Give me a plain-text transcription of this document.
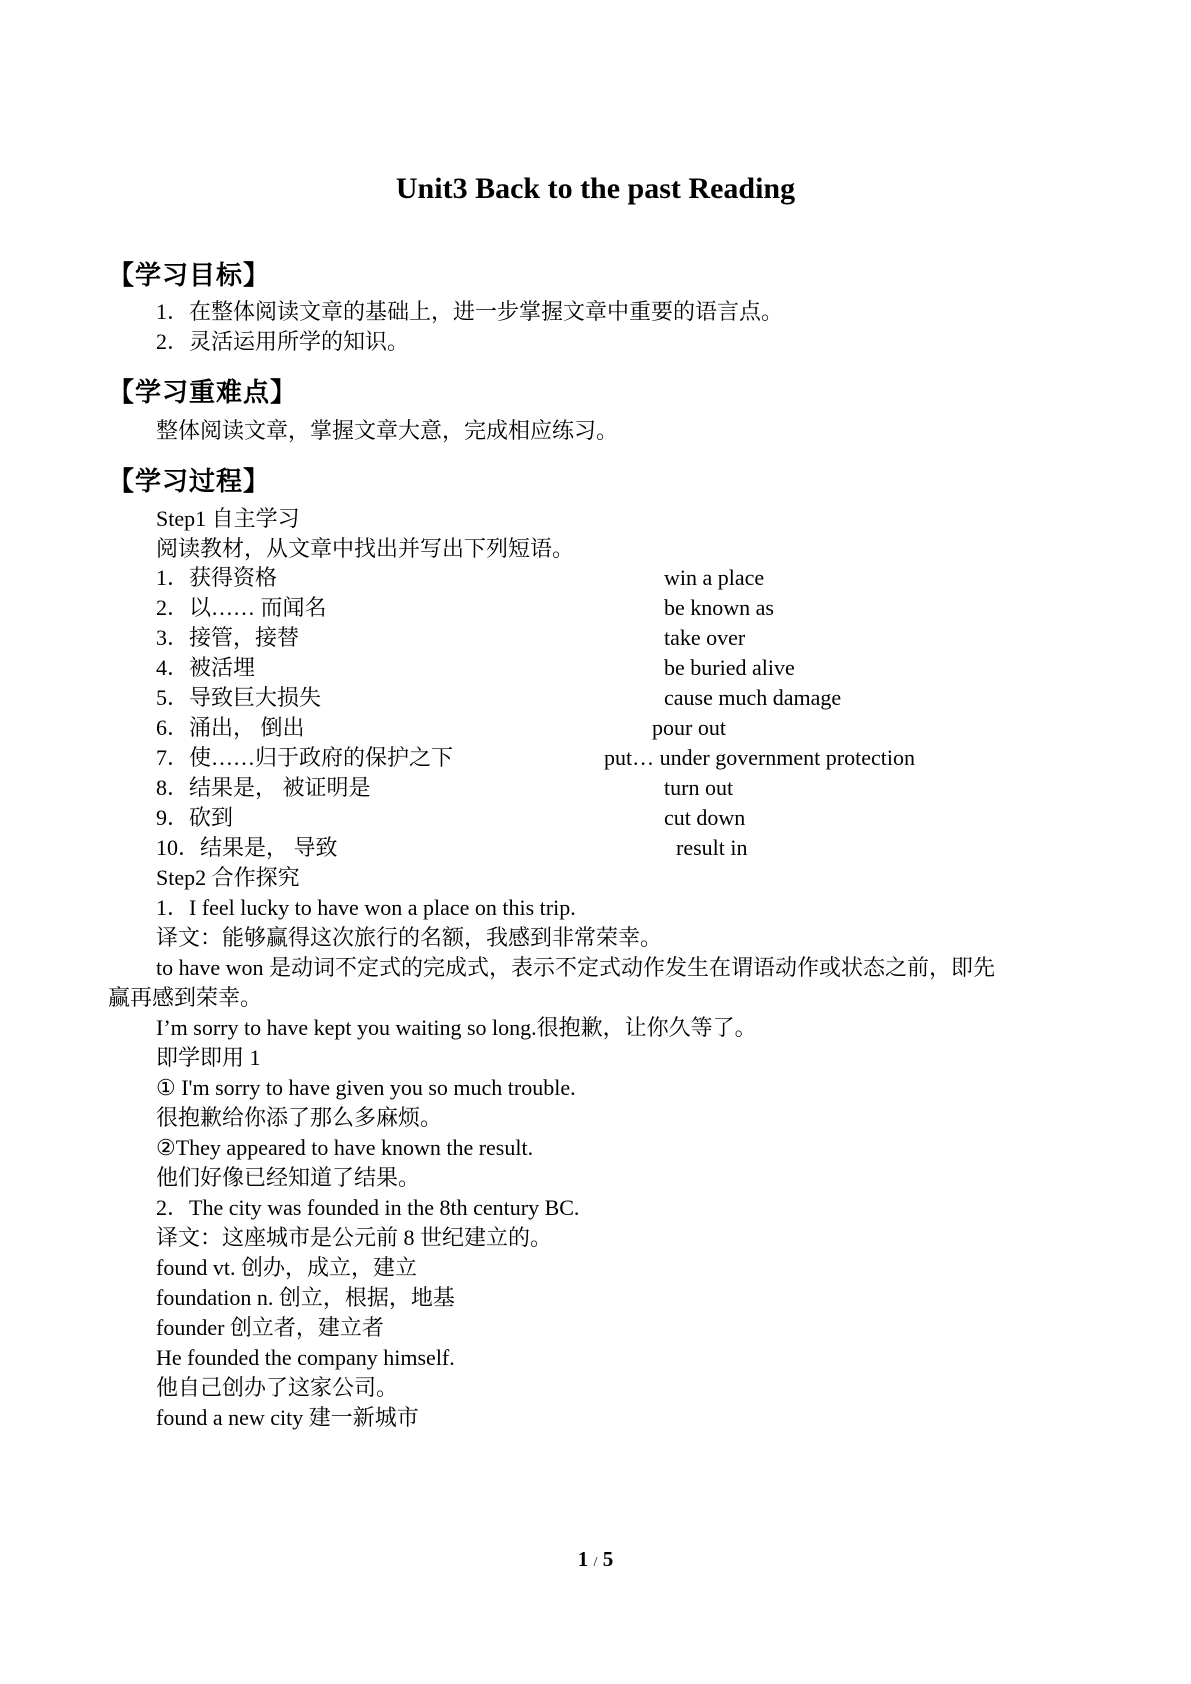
Unit3 Back to the past Reading
【学习目标】
1．在整体阅读文章的基础上，进一步掌握文章中重要的语言点。
2．灵活运用所学的知识。
【学习重难点】
整体阅读文章，掌握文章大意，完成相应练习。
【学习过程】
Step1 自主学习
阅读教材，从文章中找出并写出下列短语。
1．获得资格	win a place
2．以…… 而闻名	be known as
3．接管，接替	take over
4．被活埋	be buried alive
5．导致巨大损失	cause much damage
6．涌出， 倒出	pour out
7．使……归于政府的保护之下	put… under government protection
8．结果是， 被证明是	turn out
9．砍到	cut down
10．结果是， 导致	result in
Step2 合作探究
1．I feel lucky to have won a place on this trip.
译文：能够赢得这次旅行的名额，我感到非常荣幸。
to have won 是动词不定式的完成式，表示不定式动作发生在谓语动作或状态之前，即先
赢再感到荣幸。
I’m sorry to have kept you waiting so long.很抱歉，让你久等了。
即学即用 1
① I'm sorry to have given you so much trouble.
很抱歉给你添了那么多麻烦。
②They appeared to have known the result.
他们好像已经知道了结果。
2．The city was founded in the 8th century BC.
译文：这座城市是公元前 8 世纪建立的。
found vt. 创办，成立，建立
foundation n. 创立，根据，地基
founder 创立者，建立者
He founded the company himself.
他自己创办了这家公司。
found a new city 建一新城市
1 / 5
